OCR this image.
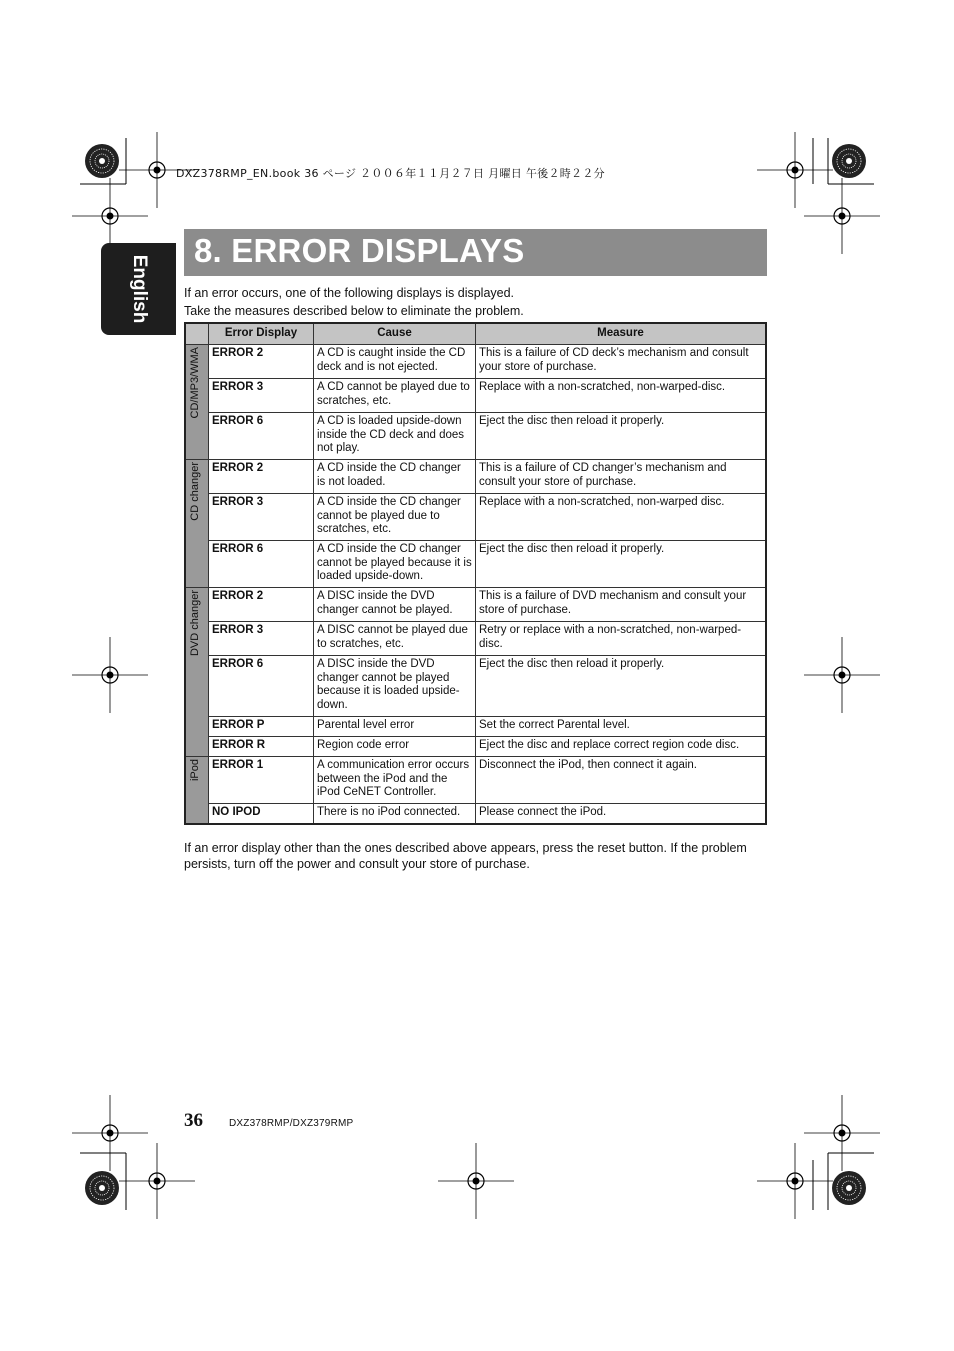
DXZ378RMP_EN.book 36 ページ ２００６年１１月２７日 月曜日 午後２時２２分
English
8. ERROR DISPLAYS
If an error occurs, one of the following displays is displayed.
Take the measures described below to eliminate the problem.
	Error Display	Cause	Measure
CD/MP3/WMA	ERROR 2	A CD is caught inside the CD deck and is not ejected.	This is a failure of CD deck’s mechanism and consult your store of purchase.
	ERROR 3	A CD cannot be played due to scratches, etc.	Replace with a non-scratched, non-warped-disc.
	ERROR 6	A CD is loaded upside-down inside the CD deck and does not play.	Eject the disc then reload it properly.
CD changer	ERROR 2	A CD inside the CD changer is not loaded.	This is a failure of CD changer’s mechanism and consult your store of purchase.
	ERROR 3	A CD inside the CD changer cannot be played due to scratches, etc.	Replace with a non-scratched, non-warped disc.
	ERROR 6	A CD inside the CD changer cannot be played because it is loaded upside-down.	Eject the disc then reload it properly.
DVD changer	ERROR 2	A DISC inside the DVD changer cannot be played.	This is a failure of DVD mechanism and consult your store of purchase.
	ERROR 3	A DISC cannot be played due to scratches, etc.	Retry or replace with a non-scratched, non-warped-disc.
	ERROR 6	A DISC inside the DVD changer cannot be played because it is loaded upside-down.	Eject the disc then reload it properly.
	ERROR P	Parental level error	Set the correct Parental level.
	ERROR R	Region code error	Eject the disc and replace correct region code disc.
iPod	ERROR 1	A communication error occurs between the iPod and the iPod CeNET Controller.	Disconnect the iPod, then connect it again.
	NO IPOD	There is no iPod connected.	Please connect the iPod.
If an error display other than the ones described above appears, press the reset button. If the problem persists, turn off the power and consult your store of purchase.
36	DXZ378RMP/DXZ379RMP
